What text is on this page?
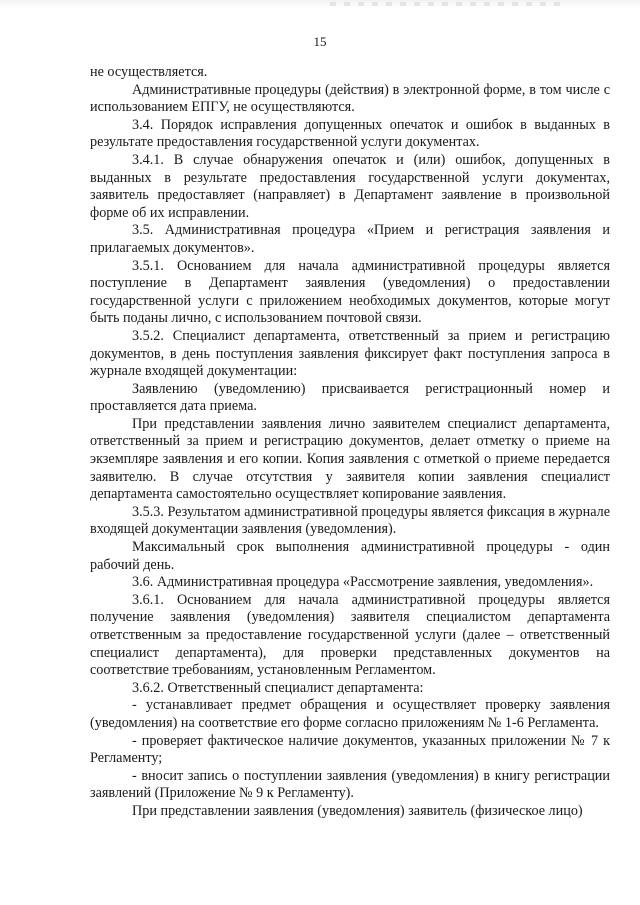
15

не осуществляется.

Административные процедуры (действия) в электронной форме, в том числе с использованием ЕПГУ, не осуществляются.

3.4. Порядок исправления допущенных опечаток и ошибок в выданных в результате предоставления государственной услуги документах.

3.4.1. В случае обнаружения опечаток и (или) ошибок, допущенных в выданных в результате предоставления государственной услуги документах, заявитель предоставляет (направляет) в Департамент заявление в произвольной форме об их исправлении.

3.5. Административная процедура «Прием и регистрация заявления и прилагаемых документов».

3.5.1. Основанием для начала административной процедуры является поступление в Департамент заявления (уведомления) о предоставлении государственной услуги с приложением необходимых документов, которые могут быть поданы лично, с использованием почтовой связи.

3.5.2. Специалист департамента, ответственный за прием и регистрацию документов, в день поступления заявления фиксирует факт поступления запроса в журнале входящей документации:

Заявлению (уведомлению) присваивается регистрационный номер и проставляется дата приема.

При представлении заявления лично заявителем специалист департамента, ответственный за прием и регистрацию документов, делает отметку о приеме на экземпляре заявления и его копии. Копия заявления с отметкой о приеме передается заявителю. В случае отсутствия у заявителя копии заявления специалист департамента самостоятельно осуществляет копирование заявления.

3.5.3. Результатом административной процедуры является фиксация в журнале входящей документации заявления (уведомления).

Максимальный срок выполнения административной процедуры - один рабочий день.

3.6. Административная процедура «Рассмотрение заявления, уведомления».

3.6.1. Основанием для начала административной процедуры является получение заявления (уведомления) заявителя специалистом департамента ответственным за предоставление государственной услуги (далее – ответственный специалист департамента), для проверки представленных документов на соответствие требованиям, установленным Регламентом.

3.6.2. Ответственный специалист департамента:

- устанавливает предмет обращения и осуществляет проверку заявления (уведомления) на соответствие его форме согласно приложениям № 1-6 Регламента.

- проверяет фактическое наличие документов, указанных приложении № 7 к Регламенту;

- вносит запись о поступлении заявления (уведомления) в книгу регистрации заявлений (Приложение № 9 к Регламенту).

При представлении заявления (уведомления) заявитель (физическое лицо)
